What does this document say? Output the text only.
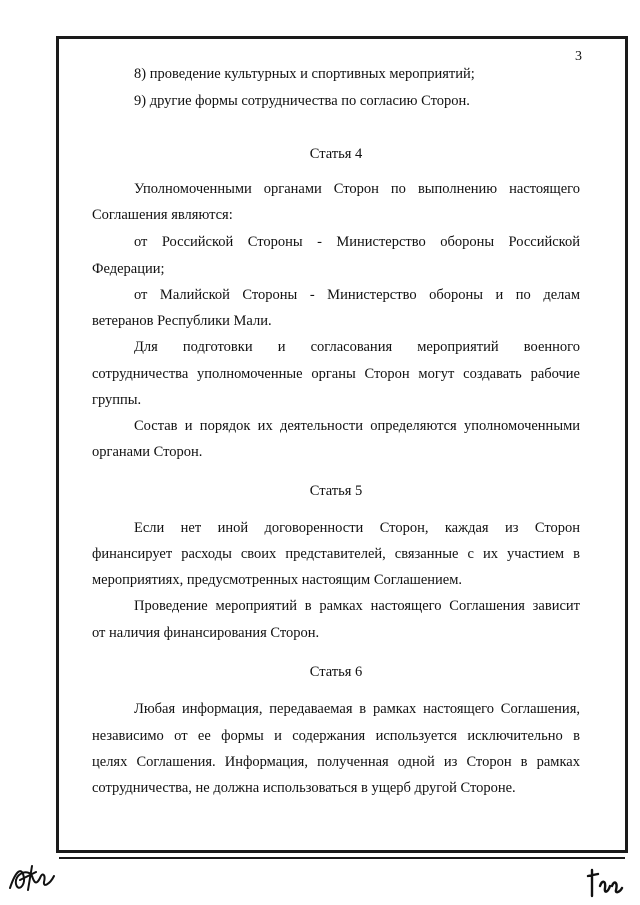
3
8) проведение культурных и спортивных мероприятий;
9) другие формы сотрудничества по согласию Сторон.
Статья 4
Уполномоченными органами Сторон по выполнению настоящего
Соглашения являются:
от Российской Стороны - Министерство обороны Российской
Федерации;
от Малийской Стороны - Министерство обороны и по делам
ветеранов Республики Мали.
Для подготовки и согласования мероприятий военного
сотрудничества уполномоченные органы Сторон могут создавать рабочие
группы.
Состав и порядок их деятельности определяются уполномоченными
органами Сторон.
Статья 5
Если нет иной договоренности Сторон, каждая из Сторон
финансирует расходы своих представителей, связанные с их участием в
мероприятиях, предусмотренных настоящим Соглашением.
Проведение мероприятий в рамках настоящего Соглашения зависит
от наличия финансирования Сторон.
Статья 6
Любая информация, передаваемая в рамках настоящего Соглашения,
независимо от ее формы и содержания используется исключительно в
целях Соглашения. Информация, полученная одной из Сторон в рамках
сотрудничества, не должна использоваться в ущерб другой Стороне.
